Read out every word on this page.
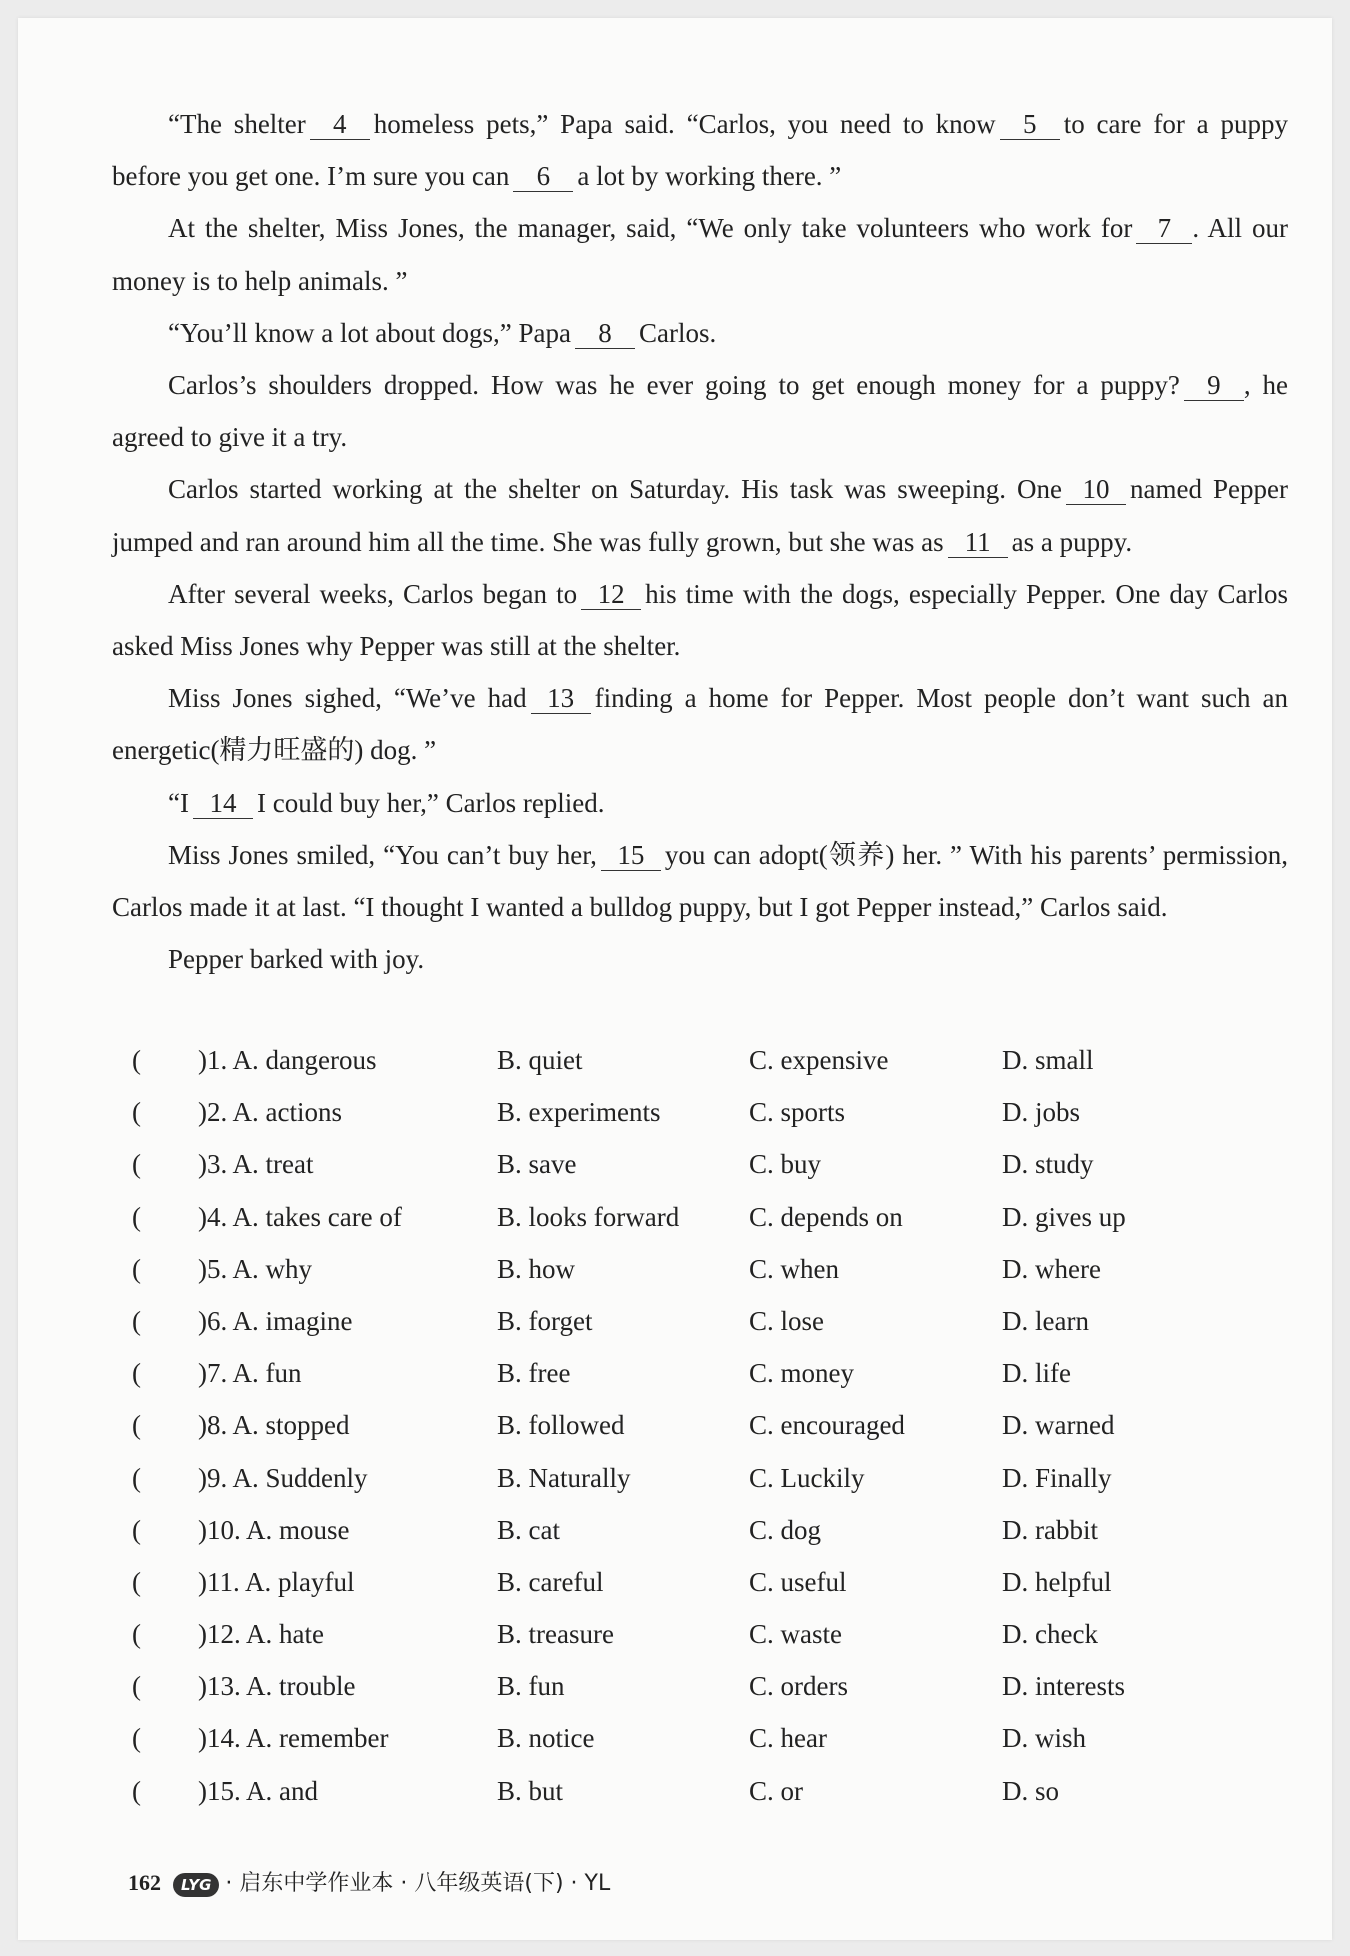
“The shelter 4 homeless pets,” Papa said. “Carlos, you need to know 5 to care for a puppy before you get one. I’m sure you can 6 a lot by working there. ”

At the shelter, Miss Jones, the manager, said, “We only take volunteers who work for 7 . All our money is to help animals. ”

“You’ll know a lot about dogs,” Papa 8 Carlos.

Carlos’s shoulders dropped. How was he ever going to get enough money for a puppy? 9 , he agreed to give it a try.

Carlos started working at the shelter on Saturday. His task was sweeping. One 10 named Pepper jumped and ran around him all the time. She was fully grown, but she was as 11 as a puppy.

After several weeks, Carlos began to 12 his time with the dogs, especially Pepper. One day Carlos asked Miss Jones why Pepper was still at the shelter.

Miss Jones sighed, “We’ve had 13 finding a home for Pepper. Most people don’t want such an energetic(精力旺盛的) dog. ”

“I 14 I could buy her,” Carlos replied.

Miss Jones smiled, “You can’t buy her, 15 you can adopt(领养) her. ” With his parents’ permission, Carlos made it at last. “I thought I wanted a bulldog puppy, but I got Pepper instead,” Carlos said.

Pepper barked with joy.

( )1. A. dangerous	B. quiet	C. expensive	D. small
( )2. A. actions	B. experiments	C. sports	D. jobs
( )3. A. treat	B. save	C. buy	D. study
( )4. A. takes care of	B. looks forward	C. depends on	D. gives up
( )5. A. why	B. how	C. when	D. where
( )6. A. imagine	B. forget	C. lose	D. learn
( )7. A. fun	B. free	C. money	D. life
( )8. A. stopped	B. followed	C. encouraged	D. warned
( )9. A. Suddenly	B. Naturally	C. Luckily	D. Finally
( )10. A. mouse	B. cat	C. dog	D. rabbit
( )11. A. playful	B. careful	C. useful	D. helpful
( )12. A. hate	B. treasure	C. waste	D. check
( )13. A. trouble	B. fun	C. orders	D. interests
( )14. A. remember	B. notice	C. hear	D. wish
( )15. A. and	B. but	C. or	D. so
162 LYG · 启东中学作业本 · 八年级英语(下) · YL
